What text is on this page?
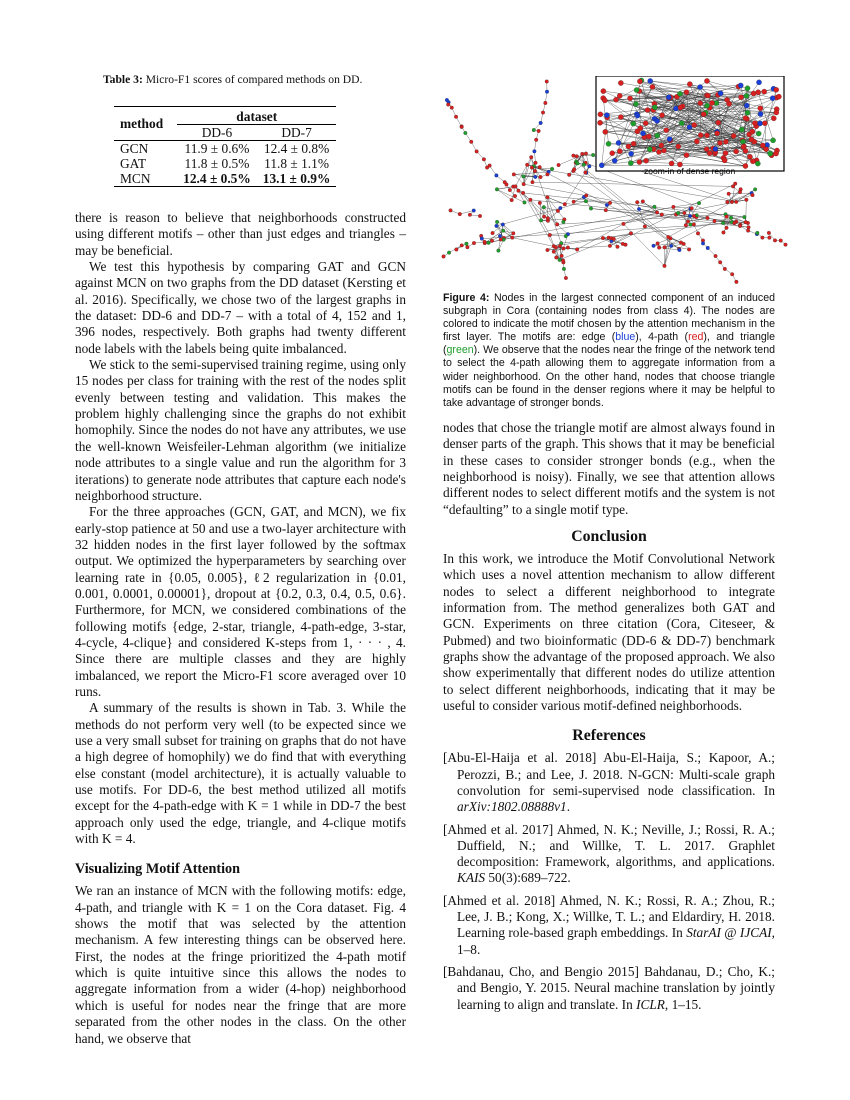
Table 3: Micro-F1 scores of compared methods on DD.

method	dataset	
	DD-6	DD-7

GCN	11.9 ± 0.6%	12.4 ± 0.8%
GAT	11.8 ± 0.5%	11.8 ± 1.1%
MCN	12.4 ± 0.5%	13.1 ± 0.9%

there is reason to believe that neighborhoods constructed using different motifs – other than just edges and triangles – may be beneficial.

We test this hypothesis by comparing GAT and GCN against MCN on two graphs from the DD dataset (Kersting et al. 2016). Specifically, we chose two of the largest graphs in the dataset: DD-6 and DD-7 – with a total of 4, 152 and 1, 396 nodes, respectively. Both graphs had twenty different node labels with the labels being quite imbalanced.

We stick to the semi-supervised training regime, using only 15 nodes per class for training with the rest of the nodes split evenly between testing and validation. This makes the problem highly challenging since the graphs do not exhibit homophily. Since the nodes do not have any attributes, we use the well-known Weisfeiler-Lehman algorithm (we initialize node attributes to a single value and run the algorithm for 3 iterations) to generate node attributes that capture each node's neighborhood structure.

For the three approaches (GCN, GAT, and MCN), we fix early-stop patience at 50 and use a two-layer architecture with 32 hidden nodes in the first layer followed by the softmax output. We optimized the hyperparameters by searching over learning rate in {0.05, 0.005}, ℓ2 regularization in {0.01, 0.001, 0.0001, 0.00001}, dropout at {0.2, 0.3, 0.4, 0.5, 0.6}. Furthermore, for MCN, we considered combinations of the following motifs {edge, 2-star, triangle, 4-path-edge, 3-star, 4-cycle, 4-clique} and considered K-steps from 1, · · · , 4. Since there are multiple classes and they are highly imbalanced, we report the Micro-F1 score averaged over 10 runs.

A summary of the results is shown in Tab. 3. While the methods do not perform very well (to be expected since we use a very small subset for training on graphs that do not have a high degree of homophily) we do find that with everything else constant (model architecture), it is actually valuable to use motifs. For DD-6, the best method utilized all motifs except for the 4-path-edge with K = 1 while in DD-7 the best approach only used the edge, triangle, and 4-clique motifs with K = 4.

Visualizing Motif Attention

We ran an instance of MCN with the following motifs: edge, 4-path, and triangle with K = 1 on the Cora dataset. Fig. 4 shows the motif that was selected by the attention mechanism. A few interesting things can be observed here. First, the nodes at the fringe prioritized the 4-path motif which is quite intuitive since this allows the nodes to aggregate information from a wider (4-hop) neighborhood which is useful for nodes near the fringe that are more separated from the other nodes in the class. On the other hand, we observe that

zoom-in of dense region

Figure 4: Nodes in the largest connected component of an induced subgraph in Cora (containing nodes from class 4). The nodes are colored to indicate the motif chosen by the attention mechanism in the first layer. The motifs are: edge (blue), 4-path (red), and triangle (green). We observe that the nodes near the fringe of the network tend to select the 4-path allowing them to aggregate information from a wider neighborhood. On the other hand, nodes that choose triangle motifs can be found in the denser regions where it may be helpful to take advantage of stronger bonds.

nodes that chose the triangle motif are almost always found in denser parts of the graph. This shows that it may be beneficial in these cases to consider stronger bonds (e.g., when the neighborhood is noisy). Finally, we see that attention allows different nodes to select different motifs and the system is not “defaulting” to a single motif type.

Conclusion

In this work, we introduce the Motif Convolutional Network which uses a novel attention mechanism to allow different nodes to select a different neighborhood to integrate information from. The method generalizes both GAT and GCN. Experiments on three citation (Cora, Citeseer, & Pubmed) and two bioinformatic (DD-6 & DD-7) benchmark graphs show the advantage of the proposed approach. We also show experimentally that different nodes do utilize attention to select different neighborhoods, indicating that it may be useful to consider various motif-defined neighborhoods.

References

[Abu-El-Haija et al. 2018] Abu-El-Haija, S.; Kapoor, A.; Perozzi, B.; and Lee, J. 2018. N-GCN: Multi-scale graph convolution for semi-supervised node classification. In arXiv:1802.08888v1.

[Ahmed et al. 2017] Ahmed, N. K.; Neville, J.; Rossi, R. A.; Duffield, N.; and Willke, T. L. 2017. Graphlet decomposition: Framework, algorithms, and applications. KAIS 50(3):689–722.

[Ahmed et al. 2018] Ahmed, N. K.; Rossi, R. A.; Zhou, R.; Lee, J. B.; Kong, X.; Willke, T. L.; and Eldardiry, H. 2018. Learning role-based graph embeddings. In StarAI @ IJCAI, 1–8.

[Bahdanau, Cho, and Bengio 2015] Bahdanau, D.; Cho, K.; and Bengio, Y. 2015. Neural machine translation by jointly learning to align and translate. In ICLR, 1–15.
